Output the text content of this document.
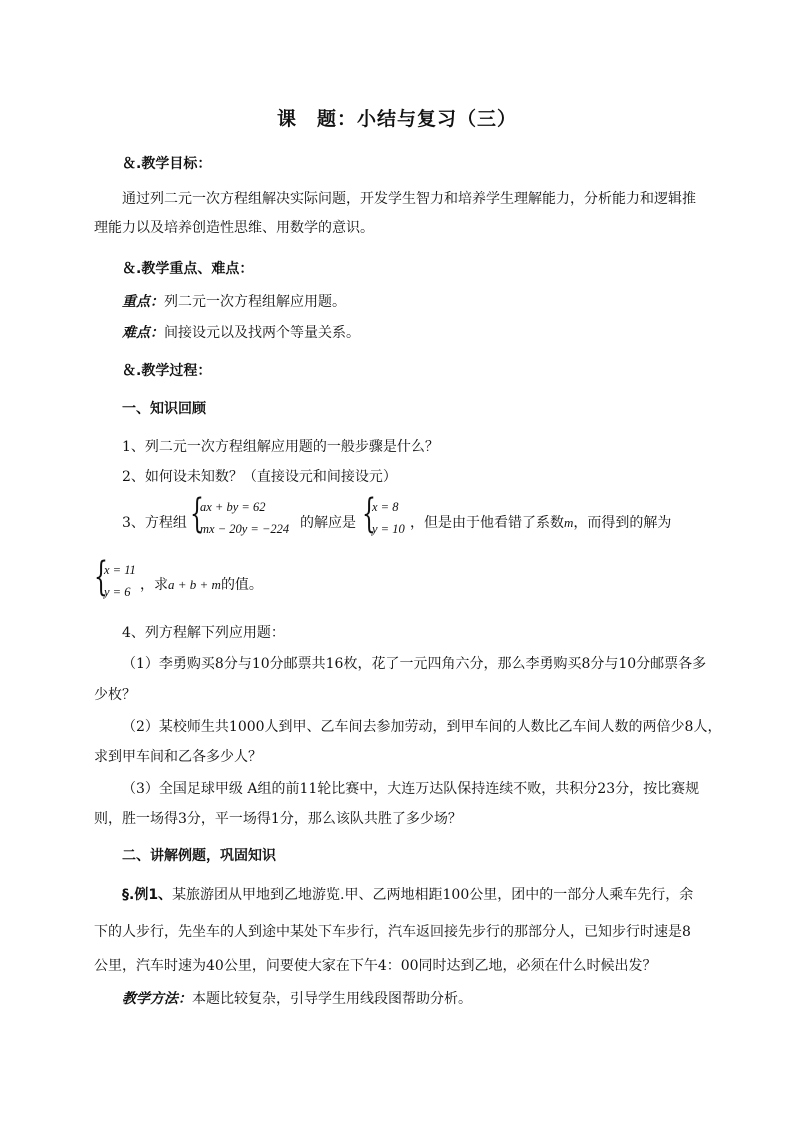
课　题：小结与复习（三）
＆.教学目标：
通过列二元一次方程组解决实际问题，开发学生智力和培养学生理解能力，分析能力和逻辑推
理能力以及培养创造性思维、用数学的意识。
＆.教学重点、难点：
重点：列二元一次方程组解应用题。
难点：间接设元以及找两个等量关系。
＆.教学过程：
一、知识回顾
1、列二元一次方程组解应用题的一般步骤是什么？
2、如何设未知数？（直接设元和间接设元）
3、方程组 {
ax + by = 62
mx − 20y = −224 的解应是 {
x = 8
y = 10 ，但是由于他看错了系数m，而得到的解为
{
x = 11
y = 6 ，求a + b + m的值。
4、列方程解下列应用题：
（1）李勇购买8分与10分邮票共16枚，花了一元四角六分，那么李勇购买8分与10分邮票各多
少枚？
（2）某校师生共1000人到甲、乙车间去参加劳动，到甲车间的人数比乙车间人数的两倍少8人，
求到甲车间和乙各多少人？
（3）全国足球甲级 A组的前11轮比赛中，大连万达队保持连续不败，共积分23分，按比赛规
则，胜一场得3分，平一场得1分，那么该队共胜了多少场？
二、讲解例题，巩固知识
§.例1、某旅游团从甲地到乙地游览.甲、乙两地相距100公里，团中的一部分人乘车先行，余
下的人步行，先坐车的人到途中某处下车步行，汽车返回接先步行的那部分人，已知步行时速是8
公里，汽车时速为40公里，问要使大家在下午4：00同时达到乙地，必须在什么时候出发？
教学方法：本题比较复杂，引导学生用线段图帮助分析。
